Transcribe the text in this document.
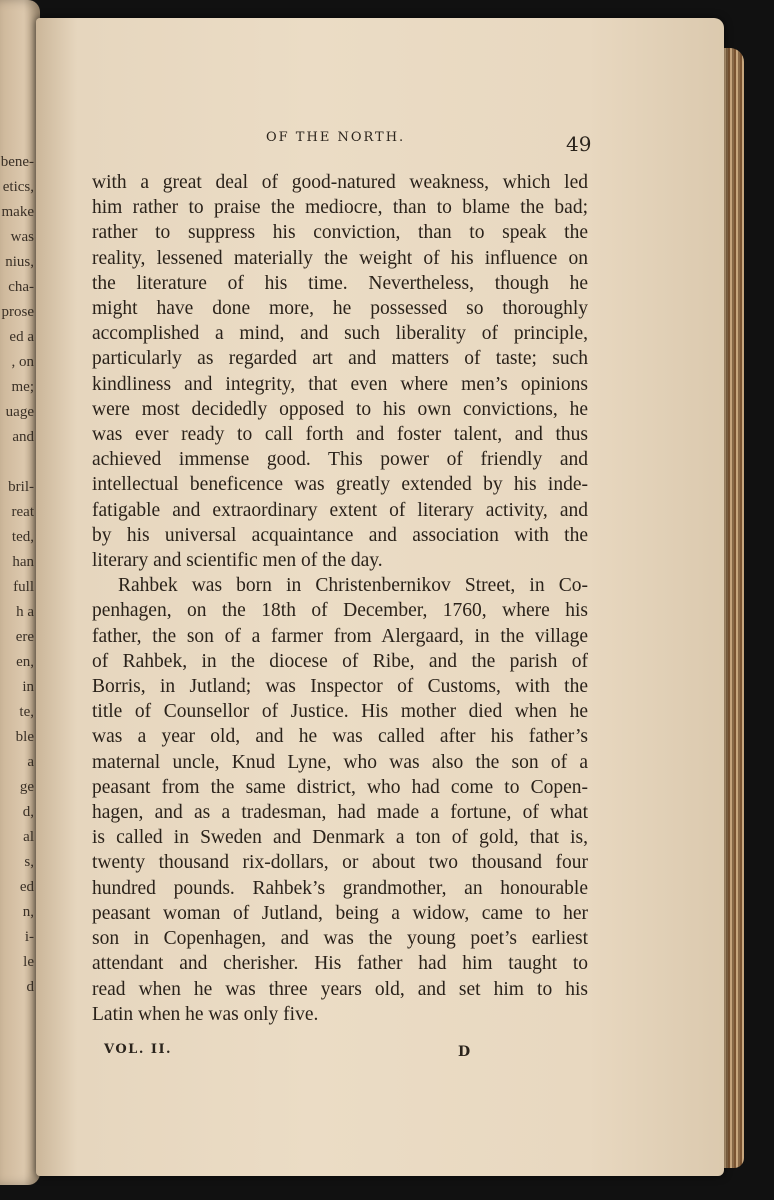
bene-
etics,
make
was
nius,
cha-
prose
ed a
, on
me;
uage
and

bril-
reat
ted,
han
full
h a
ere
en,
in
te,
ble
a
ge
d,
al
s,
ed
n,
i-
le
d
OF THE NORTH.	49
with a great deal of good-natured weakness, which led
him rather to praise the mediocre, than to blame the bad;
rather to suppress his conviction, than to speak the
reality, lessened materially the weight of his influence on
the literature of his time. Nevertheless, though he
might have done more, he possessed so thoroughly
accomplished a mind, and such liberality of principle,
particularly as regarded art and matters of taste; such
kindliness and integrity, that even where men’s opinions
were most decidedly opposed to his own convictions, he
was ever ready to call forth and foster talent, and thus
achieved immense good. This power of friendly and
intellectual beneficence was greatly extended by his inde-
fatigable and extraordinary extent of literary activity, and
by his universal acquaintance and association with the
literary and scientific men of the day.
Rahbek was born in Christenbernikov Street, in Co-
penhagen, on the 18th of December, 1760, where his
father, the son of a farmer from Alergaard, in the village
of Rahbek, in the diocese of Ribe, and the parish of
Borris, in Jutland; was Inspector of Customs, with the
title of Counsellor of Justice. His mother died when he
was a year old, and he was called after his father’s
maternal uncle, Knud Lyne, who was also the son of a
peasant from the same district, who had come to Copen-
hagen, and as a tradesman, had made a fortune, of what
is called in Sweden and Denmark a ton of gold, that is,
twenty thousand rix-dollars, or about two thousand four
hundred pounds. Rahbek’s grandmother, an honourable
peasant woman of Jutland, being a widow, came to her
son in Copenhagen, and was the young poet’s earliest
attendant and cherisher. His father had him taught to
read when he was three years old, and set him to his
Latin when he was only five.
VOL. II.	D
